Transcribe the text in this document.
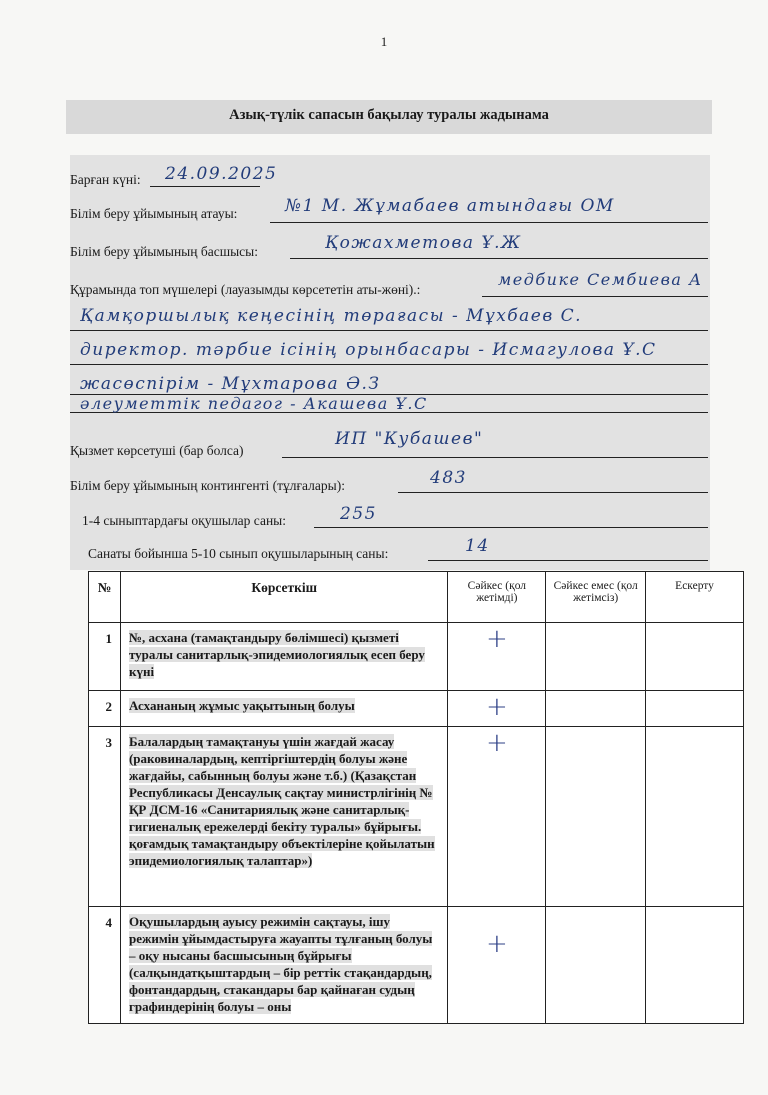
1
Азық-түлік сапасын бақылау туралы жадынама
Барған күні: 24.09.2025
Білім беру ұйымының атауы:	№1 М. Жұмабаев атындағы ОМ
Білім беру ұйымының басшысы:	Қожахметова Ұ.Ж
Құрамында топ мүшелері (лауазымды көрсететін аты-жөні).:
медбике Сембиева А
Қамқоршылық кеңесінің төрағасы - Мұхбаев С.
директор. тәрбие ісінің орынбасары - Исмагулова Ұ.С
жасөспірім - Мұхтарова Ә.З
әлеуметтік педагог - Акашева Ұ.С
Қызмет көрсетуші (бар болса)
ИП "Кубашев"
Білім беру ұйымының контингенті (тұлғалары):	483
1-4 сыныптардағы оқушылар саны:	255
Санаты бойынша 5-10 сынып оқушыларының саны:	14
№	Көрсеткіш	Сәйкес (қол жетімді)	Сәйкес емес (қол жетімсіз)	Ескерту
1	№, асхана (тамақтандыру бөлімшесі) қызметі туралы санитарлық-эпидемиологиялық есеп беру күні	+		
2	Асхананың жұмыс уақытының болуы	+		
3	Балалардың тамақтануы үшін жағдай жасау (раковиналардың, кептіргіштердің болуы және жағдайы, сабынның болуы және т.б.) (Қазақстан Республикасы Денсаулық сақтау министрлігінің № ҚР ДСМ-16 «Санитариялық және санитарлық-гигиеналық ережелерді бекіту туралы» бұйрығы. қоғамдық тамақтандыру объектілеріне қойылатын эпидемиологиялық талаптар»)	+		
4	Оқушылардың ауысу режимін сақтауы, ішу режимін ұйымдастыруға жауапты тұлғаның болуы – оқу нысаны басшысының бұйрығы (салқындатқыштардың – бір реттік стақандардың, фонтандардың, стакандары бар қайнаған судың графиндерінің болуы – оны	+		
